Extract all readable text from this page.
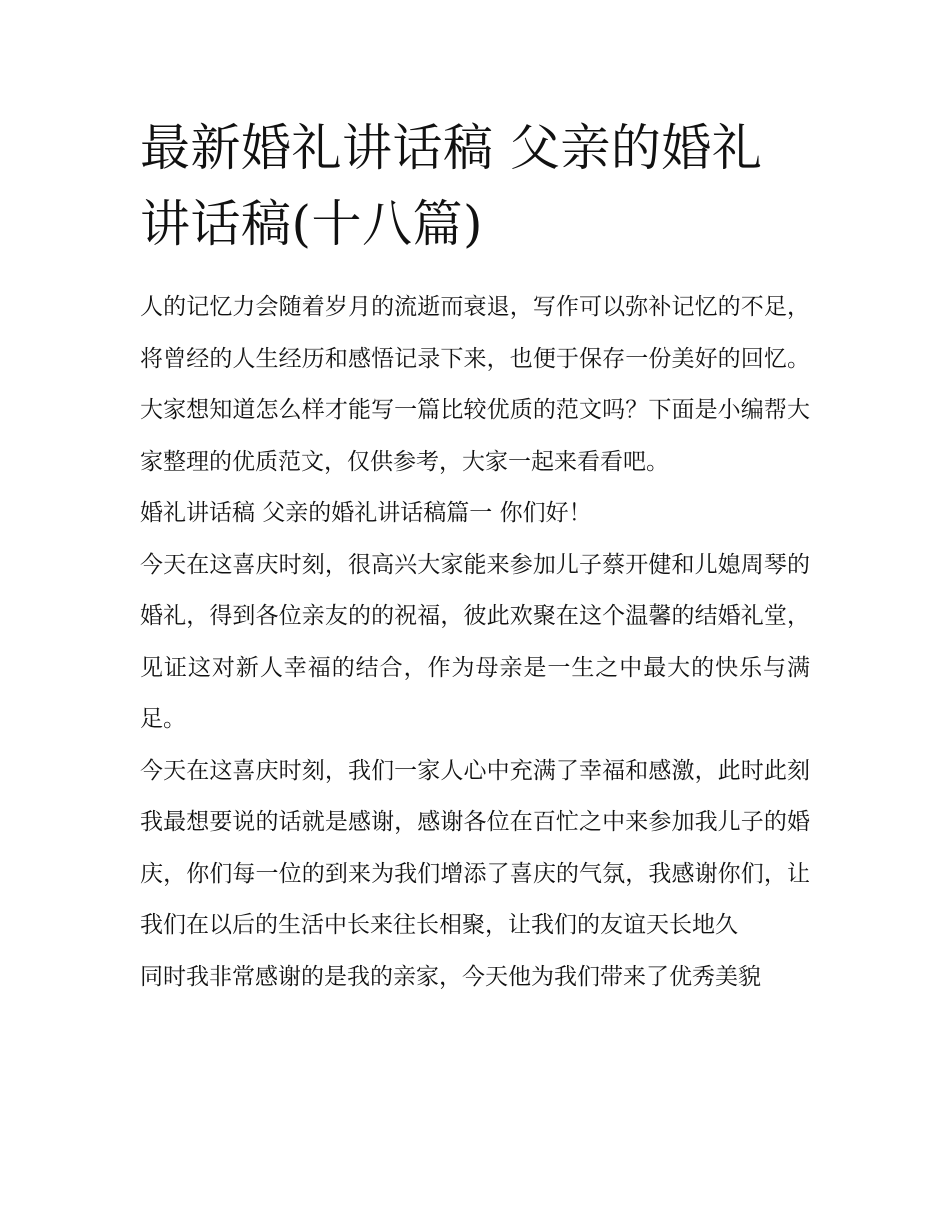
最新婚礼讲话稿 父亲的婚礼讲话稿(十八篇)

人的记忆力会随着岁月的流逝而衰退，写作可以弥补记忆的不足，将曾经的人生经历和感悟记录下来，也便于保存一份美好的回忆。大家想知道怎么样才能写一篇比较优质的范文吗？下面是小编帮大家整理的优质范文，仅供参考，大家一起来看看吧。

婚礼讲话稿 父亲的婚礼讲话稿篇一 你们好！

今天在这喜庆时刻，很高兴大家能来参加儿子蔡开健和儿媳周琴的婚礼，得到各位亲友的的祝福，彼此欢聚在这个温馨的结婚礼堂，见证这对新人幸福的结合，作为母亲是一生之中最大的快乐与满足。

今天在这喜庆时刻，我们一家人心中充满了幸福和感激，此时此刻我最想要说的话就是感谢，感谢各位在百忙之中来参加我儿子的婚庆，你们每一位的到来为我们增添了喜庆的气氛，我感谢你们，让我们在以后的生活中长来往长相聚，让我们的友谊天长地久

同时我非常感谢的是我的亲家，今天他为我们带来了优秀美貌
